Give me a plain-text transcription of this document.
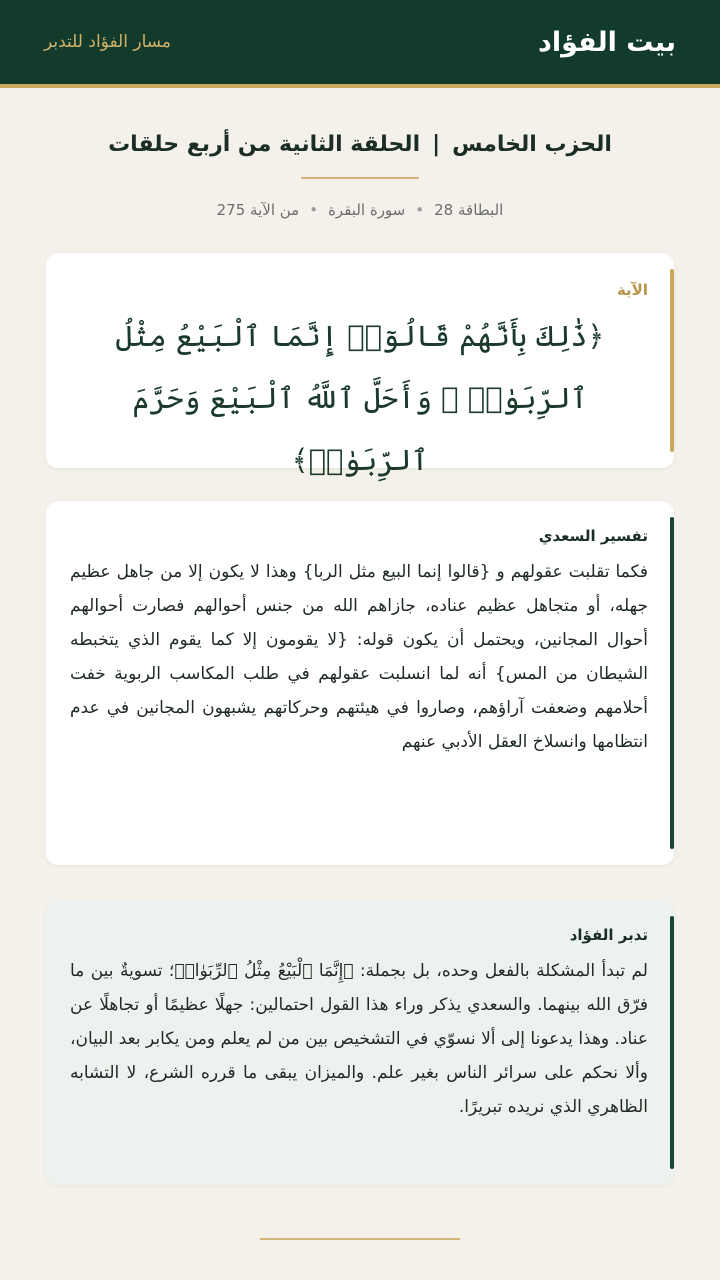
بيت الفؤاد
مسار الفؤاد للتدبر
الحزب الخامس|الحلقة الثانية من أربع حلقات
البطاقة 28•سورة البقرة•من الآية 275
الآية
﴿ذَٰلِكَ بِأَنَّهُمْ قَالُوٓا۟ إِنَّمَا ٱلْبَيْعُ مِثْلُ ٱلرِّبَوٰا۟ ۗ وَأَحَلَّ ٱللَّهُ ٱلْبَيْعَ وَحَرَّمَ ٱلرِّبَوٰا۟﴾
تفسير السعدي
فكما تقلبت عقولهم و {قالوا إنما البيع مثل الربا} وهذا لا يكون إلا من جاهل عظيم جهله، أو متجاهل عظيم عناده، جازاهم الله من جنس أحوالهم فصارت أحوالهم أحوال المجانين، ويحتمل أن يكون قوله: {لا يقومون إلا كما يقوم الذي يتخبطه الشيطان من المس} أنه لما انسلبت عقولهم في طلب المكاسب الربوية خفت أحلامهم وضعفت آراؤهم، وصاروا في هيئتهم وحركاتهم يشبهون المجانين في عدم انتظامها وانسلاخ العقل الأدبي عنهم
تدبر الفؤاد
لم تبدأ المشكلة بالفعل وحده، بل بجملة: ﴿إِنَّمَا ٱلْبَيْعُ مِثْلُ ٱلرِّبَوٰا۟﴾؛ تسويةٌ بين ما فرّق الله بينهما. والسعدي يذكر وراء هذا القول احتمالين: جهلًا عظيمًا أو تجاهلًا عن عناد. وهذا يدعونا إلى ألا نسوّي في التشخيص بين من لم يعلم ومن يكابر بعد البيان، وألا نحكم على سرائر الناس بغير علم. والميزان يبقى ما قرره الشرع، لا التشابه الظاهري الذي نريده تبريرًا.
